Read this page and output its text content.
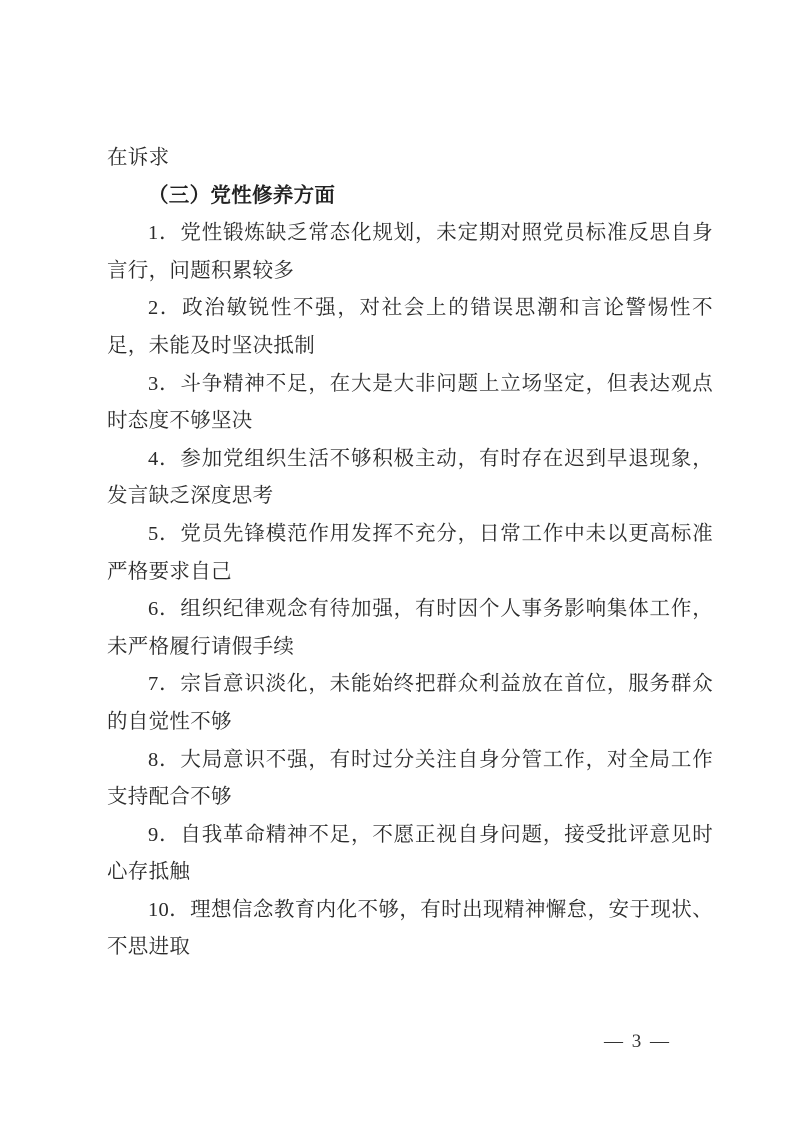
在诉求

（三）党性修养方面

1．党性锻炼缺乏常态化规划，未定期对照党员标准反思自身言行，问题积累较多

2．政治敏锐性不强，对社会上的错误思潮和言论警惕性不足，未能及时坚决抵制

3．斗争精神不足，在大是大非问题上立场坚定，但表达观点时态度不够坚决

4．参加党组织生活不够积极主动，有时存在迟到早退现象，发言缺乏深度思考

5．党员先锋模范作用发挥不充分，日常工作中未以更高标准严格要求自己

6．组织纪律观念有待加强，有时因个人事务影响集体工作，未严格履行请假手续

7．宗旨意识淡化，未能始终把群众利益放在首位，服务群众的自觉性不够

8．大局意识不强，有时过分关注自身分管工作，对全局工作支持配合不够

9．自我革命精神不足，不愿正视自身问题，接受批评意见时心存抵触

10．理想信念教育内化不够，有时出现精神懈怠，安于现状、不思进取

— 3 —
